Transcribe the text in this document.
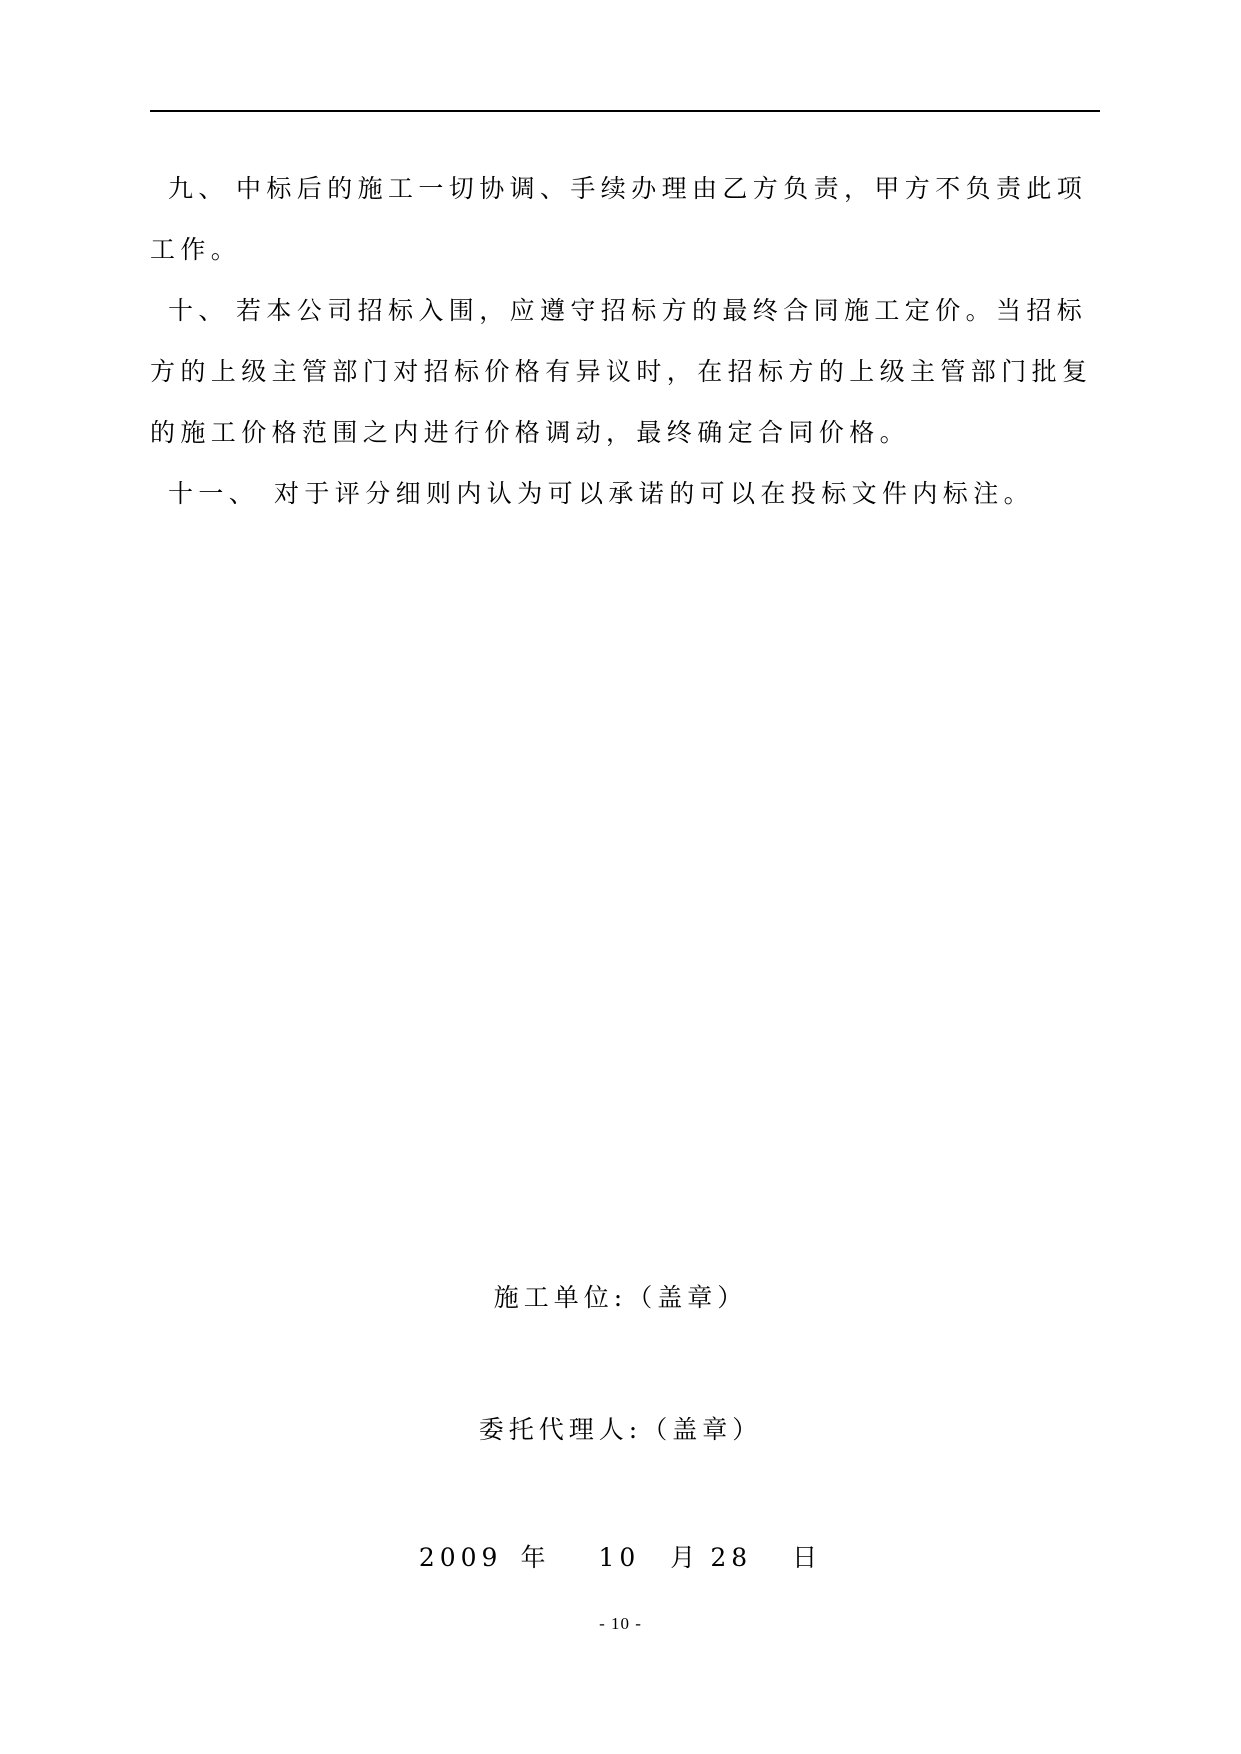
九、 中标后的施工一切协调、手续办理由乙方负责，甲方不负责此项工作。

十、 若本公司招标入围，应遵守招标方的最终合同施工定价。当招标方的上级主管部门对招标价格有异议时，在招标方的上级主管部门批复的施工价格范围之内进行价格调动，最终确定合同价格。

十一、 对于评分细则内认为可以承诺的可以在投标文件内标注。

施工单位:（盖章）
委托代理人:（盖章）
2009 年 10 月 28 日
- 10 -
